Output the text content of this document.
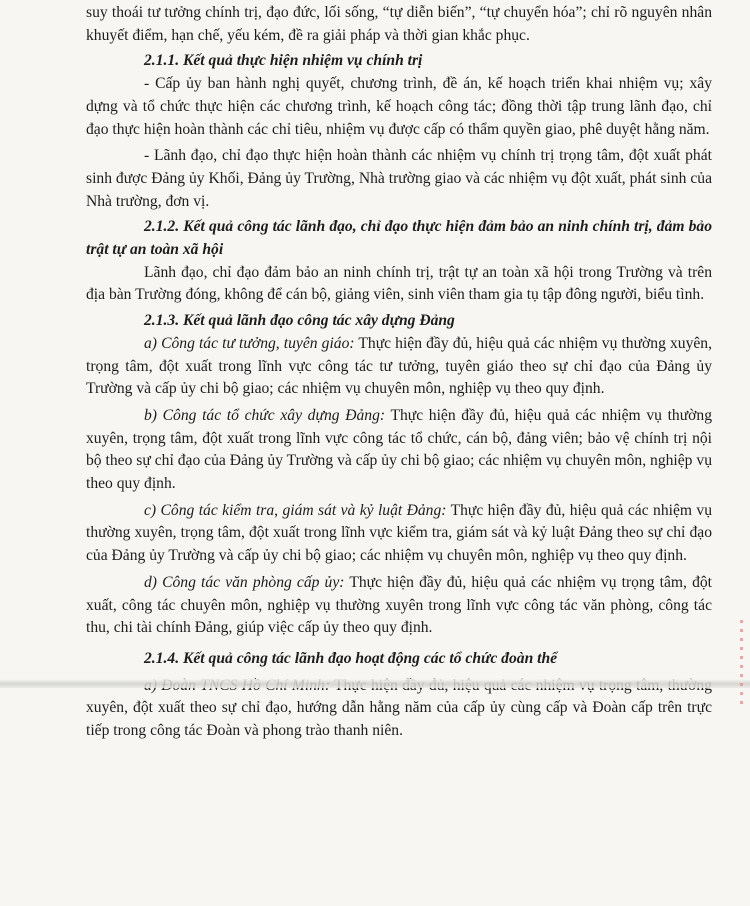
suy thoái tư tưởng chính trị, đạo đức, lối sống, “tự diễn biến”, “tự chuyển hóa”; chỉ rõ nguyên nhân khuyết điểm, hạn chế, yếu kém, đề ra giải pháp và thời gian khắc phục.

2.1.1. Kết quả thực hiện nhiệm vụ chính trị

- Cấp ủy ban hành nghị quyết, chương trình, đề án, kế hoạch triển khai nhiệm vụ; xây dựng và tổ chức thực hiện các chương trình, kế hoạch công tác; đồng thời tập trung lãnh đạo, chỉ đạo thực hiện hoàn thành các chỉ tiêu, nhiệm vụ được cấp có thẩm quyền giao, phê duyệt hằng năm.

- Lãnh đạo, chỉ đạo thực hiện hoàn thành các nhiệm vụ chính trị trọng tâm, đột xuất phát sinh được Đảng ủy Khối, Đảng ủy Trường, Nhà trường giao và các nhiệm vụ đột xuất, phát sinh của Nhà trường, đơn vị.

2.1.2. Kết quả công tác lãnh đạo, chỉ đạo thực hiện đảm bảo an ninh chính trị, đảm bảo trật tự an toàn xã hội

Lãnh đạo, chỉ đạo đảm bảo an ninh chính trị, trật tự an toàn xã hội trong Trường và trên địa bàn Trường đóng, không để cán bộ, giảng viên, sinh viên tham gia tụ tập đông người, biểu tình.

2.1.3. Kết quả lãnh đạo công tác xây dựng Đảng

a) Công tác tư tưởng, tuyên giáo: Thực hiện đầy đủ, hiệu quả các nhiệm vụ thường xuyên, trọng tâm, đột xuất trong lĩnh vực công tác tư tưởng, tuyên giáo theo sự chỉ đạo của Đảng ủy Trường và cấp ủy chi bộ giao; các nhiệm vụ chuyên môn, nghiệp vụ theo quy định.

b) Công tác tổ chức xây dựng Đảng: Thực hiện đầy đủ, hiệu quả các nhiệm vụ thường xuyên, trọng tâm, đột xuất trong lĩnh vực công tác tổ chức, cán bộ, đảng viên; bảo vệ chính trị nội bộ theo sự chỉ đạo của Đảng ủy Trường và cấp ủy chi bộ giao; các nhiệm vụ chuyên môn, nghiệp vụ theo quy định.

c) Công tác kiểm tra, giám sát và kỷ luật Đảng: Thực hiện đầy đủ, hiệu quả các nhiệm vụ thường xuyên, trọng tâm, đột xuất trong lĩnh vực kiểm tra, giám sát và kỷ luật Đảng theo sự chỉ đạo của Đảng ủy Trường và cấp ủy chi bộ giao; các nhiệm vụ chuyên môn, nghiệp vụ theo quy định.

d) Công tác văn phòng cấp ủy: Thực hiện đầy đủ, hiệu quả các nhiệm vụ trọng tâm, đột xuất, công tác chuyên môn, nghiệp vụ thường xuyên trong lĩnh vực công tác văn phòng, công tác thu, chi tài chính Đảng, giúp việc cấp ủy theo quy định.

2.1.4. Kết quả công tác lãnh đạo hoạt động các tổ chức đoàn thể

xuyên, đột xuất theo sự chỉ đạo, hướng dẫn hằng năm của cấp ủy cùng cấp và Đoàn cấp trên trực tiếp trong công tác Đoàn và phong trào thanh niên.
